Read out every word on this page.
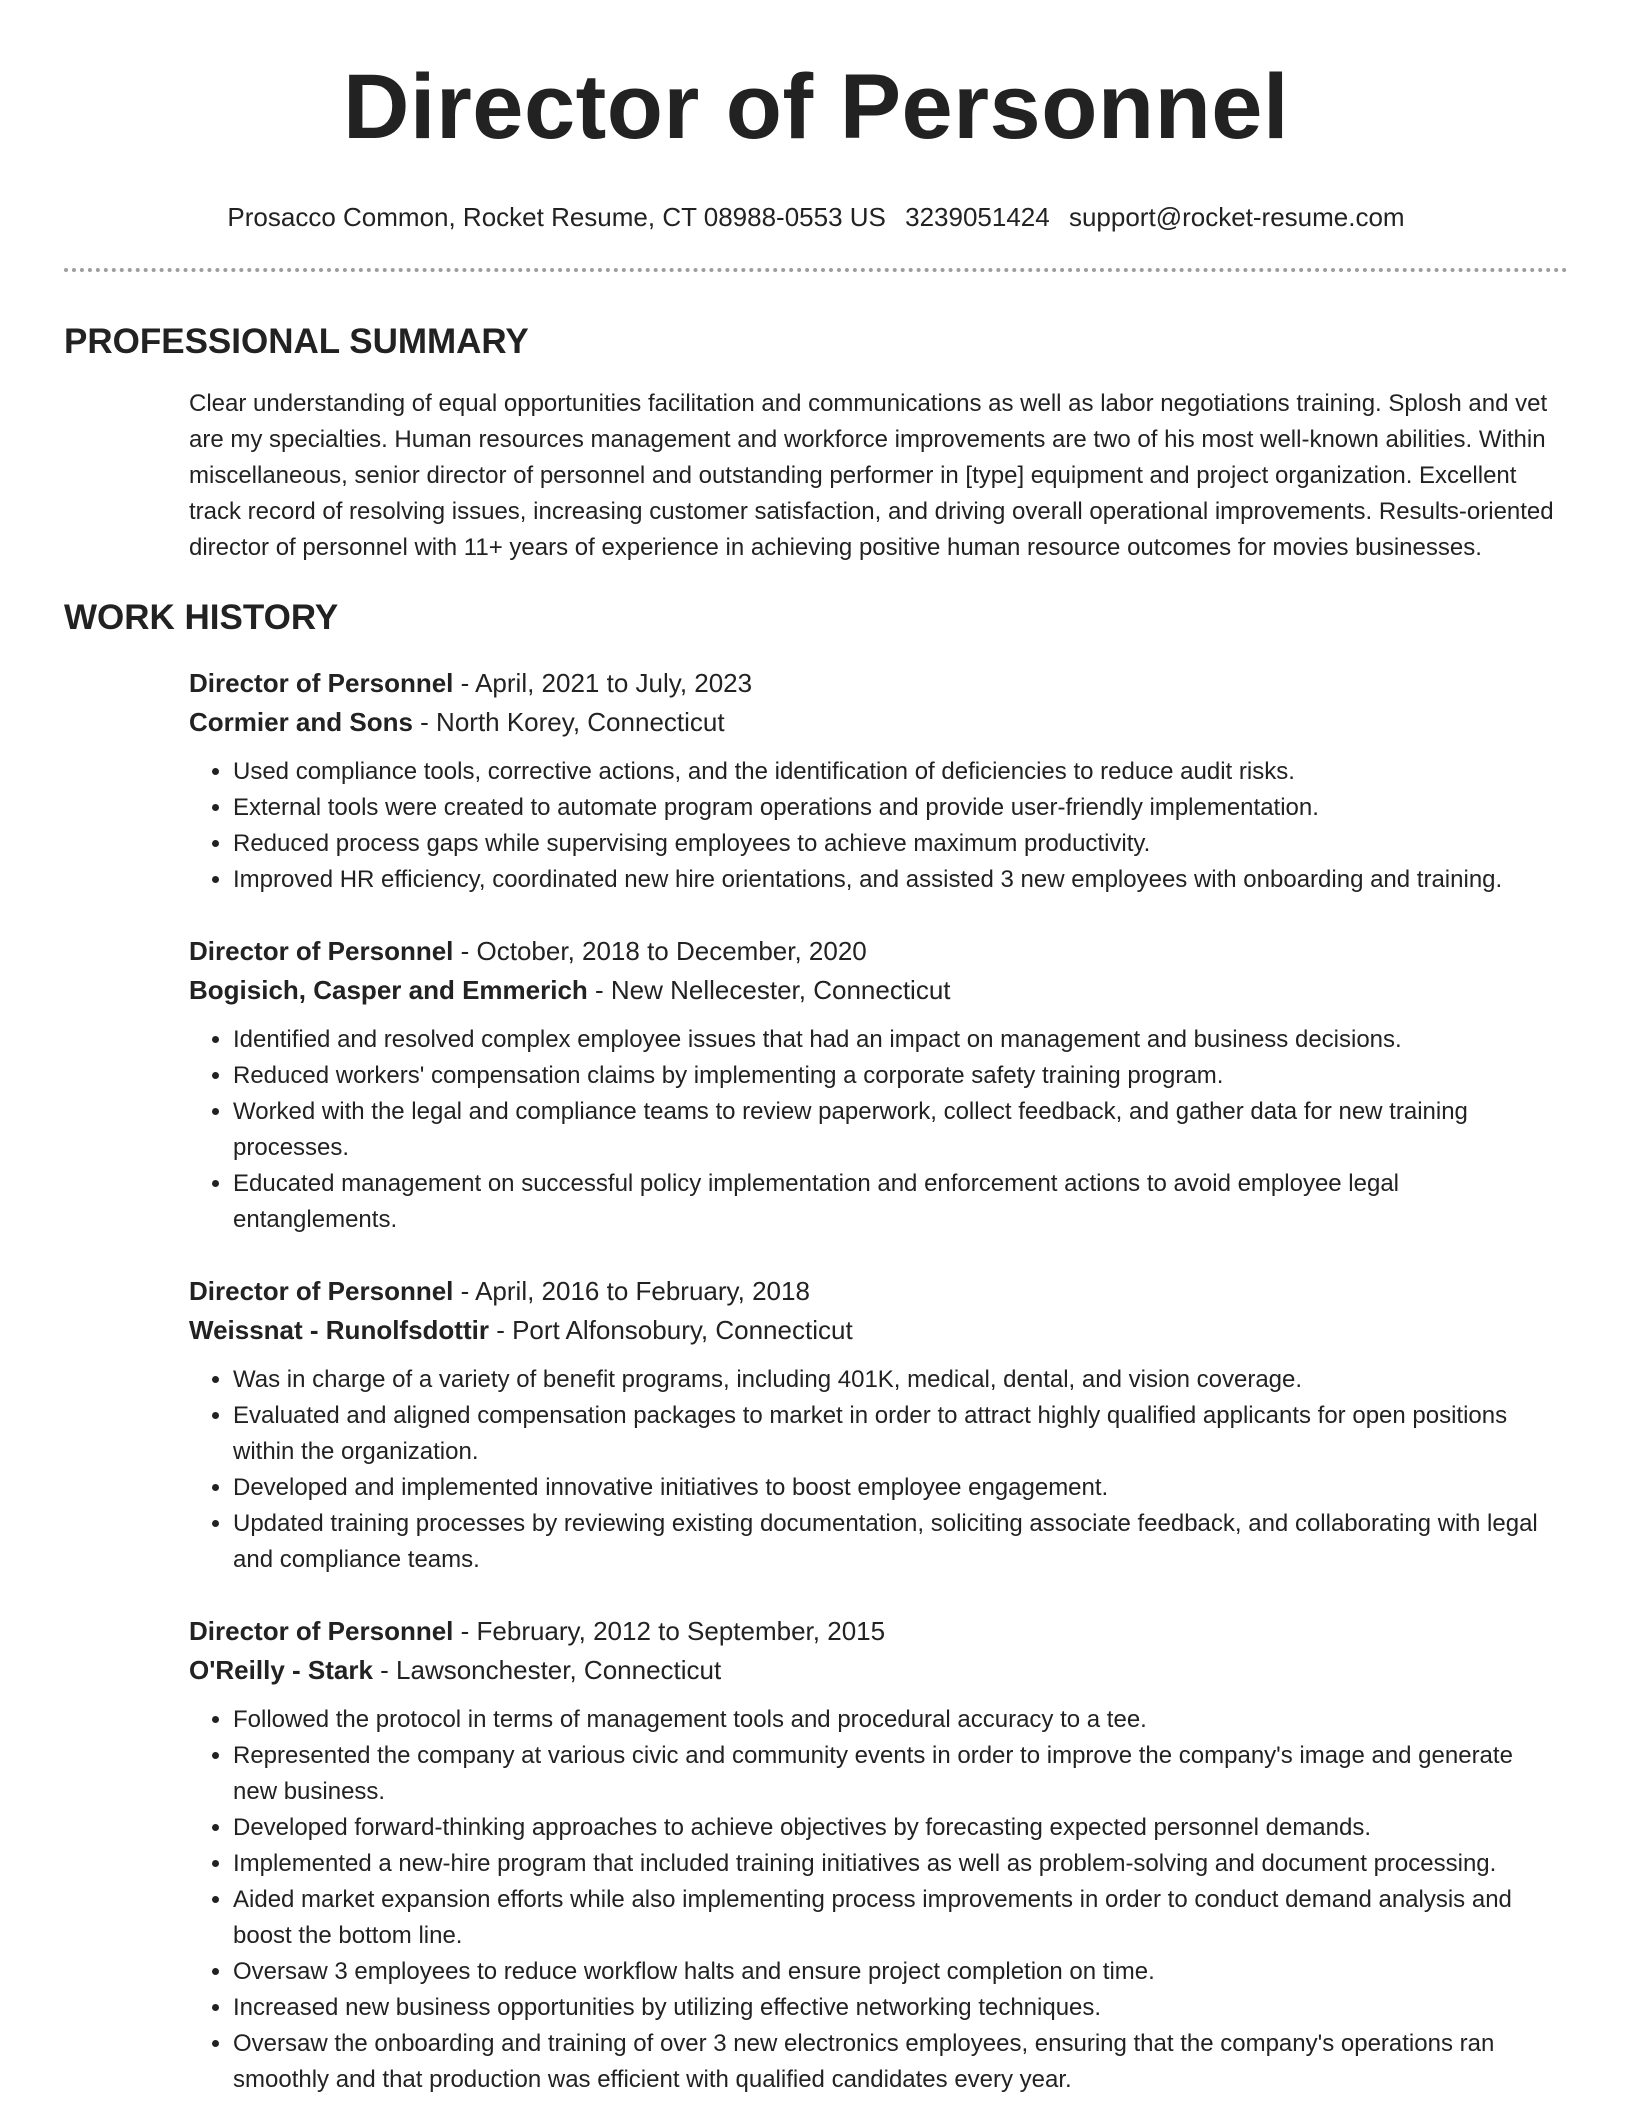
Director of Personnel
Prosacco Common, Rocket Resume, CT 08988-0553 US 3239051424 support@rocket-resume.com
PROFESSIONAL SUMMARY
Clear understanding of equal opportunities facilitation and communications as well as labor negotiations training. Splosh and vet are my specialties. Human resources management and workforce improvements are two of his most well-known abilities. Within miscellaneous, senior director of personnel and outstanding performer in [type] equipment and project organization. Excellent track record of resolving issues, increasing customer satisfaction, and driving overall operational improvements. Results-oriented director of personnel with 11+ years of experience in achieving positive human resource outcomes for movies businesses.
WORK HISTORY
Director of Personnel - April, 2021 to July, 2023
Cormier and Sons - North Korey, Connecticut
• Used compliance tools, corrective actions, and the identification of deficiencies to reduce audit risks.
• External tools were created to automate program operations and provide user-friendly implementation.
• Reduced process gaps while supervising employees to achieve maximum productivity.
• Improved HR efficiency, coordinated new hire orientations, and assisted 3 new employees with onboarding and training.
Director of Personnel - October, 2018 to December, 2020
Bogisich, Casper and Emmerich - New Nellecester, Connecticut
• Identified and resolved complex employee issues that had an impact on management and business decisions.
• Reduced workers' compensation claims by implementing a corporate safety training program.
• Worked with the legal and compliance teams to review paperwork, collect feedback, and gather data for new training processes.
• Educated management on successful policy implementation and enforcement actions to avoid employee legal entanglements.
Director of Personnel - April, 2016 to February, 2018
Weissnat - Runolfsdottir - Port Alfonsobury, Connecticut
• Was in charge of a variety of benefit programs, including 401K, medical, dental, and vision coverage.
• Evaluated and aligned compensation packages to market in order to attract highly qualified applicants for open positions within the organization.
• Developed and implemented innovative initiatives to boost employee engagement.
• Updated training processes by reviewing existing documentation, soliciting associate feedback, and collaborating with legal and compliance teams.
Director of Personnel - February, 2012 to September, 2015
O'Reilly - Stark - Lawsonchester, Connecticut
• Followed the protocol in terms of management tools and procedural accuracy to a tee.
• Represented the company at various civic and community events in order to improve the company's image and generate new business.
• Developed forward-thinking approaches to achieve objectives by forecasting expected personnel demands.
• Implemented a new-hire program that included training initiatives as well as problem-solving and document processing.
• Aided market expansion efforts while also implementing process improvements in order to conduct demand analysis and boost the bottom line.
• Oversaw 3 employees to reduce workflow halts and ensure project completion on time.
• Increased new business opportunities by utilizing effective networking techniques.
• Oversaw the onboarding and training of over 3 new electronics employees, ensuring that the company's operations ran smoothly and that production was efficient with qualified candidates every year.
